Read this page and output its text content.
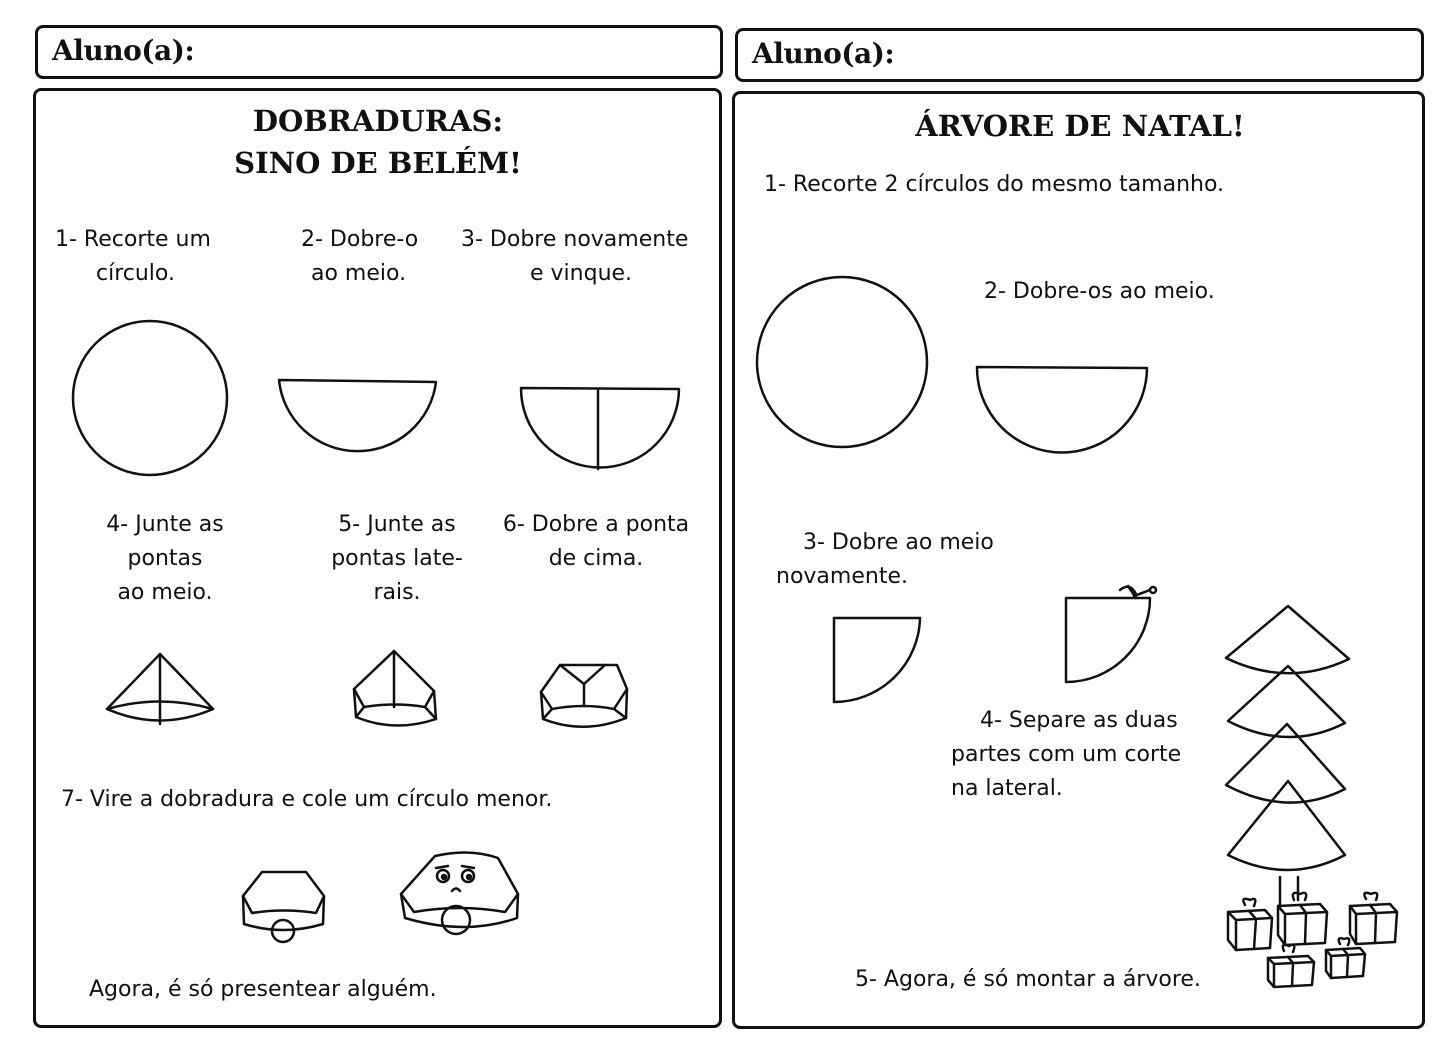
Aluno(a):	Aluno(a):
DOBRADURAS:
SINO DE BELÉM!
1- Recorte um
círculo.
2- Dobre-o
ao meio.
3- Dobre novamente
e vinque.
4- Junte as
pontas
ao meio.
5- Junte as
pontas late-
rais.
6- Dobre a ponta
de cima.
7- Vire a dobradura e cole um círculo menor.
Agora, é só presentear alguém.
ÁRVORE DE NATAL!
1- Recorte 2 círculos do mesmo tamanho.
2- Dobre-os ao meio.
3- Dobre ao meio
novamente.
4- Separe as duas
partes com um corte
na lateral.
5- Agora, é só montar a árvore.
